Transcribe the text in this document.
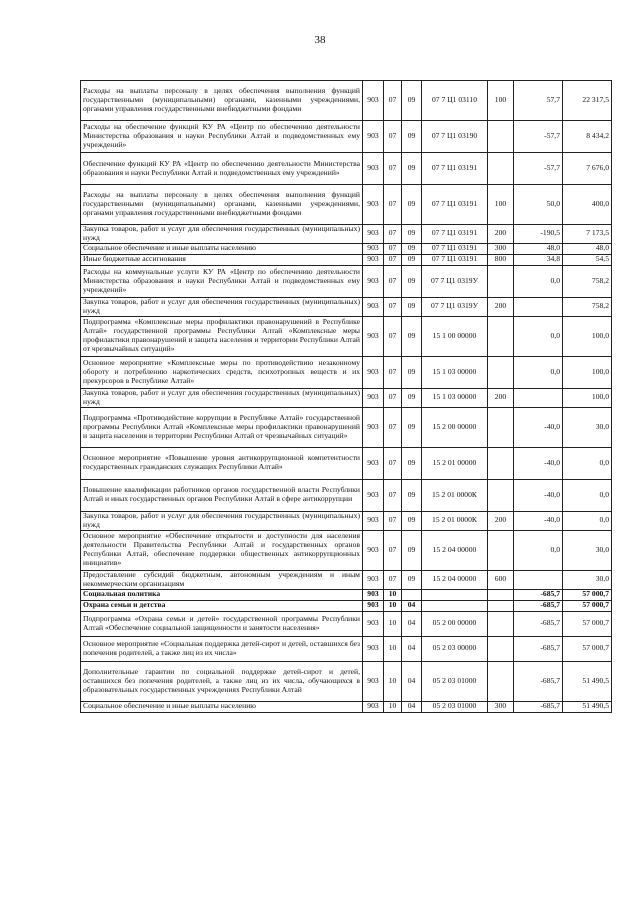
38
Расходы на выплаты персоналу в целях обеспечения выполнения функций государственными (муниципальными) органами, казенными учреждениями, органами управления государственными внебюджетными фондами	903	07	09	07 7 Ц1 03110	100	57,7	22 317,5
Расходы на обеспечение функций КУ РА «Центр по обеспечению деятельности Министерства образования и науки Республики Алтай и подведомственных ему учреждений»	903	07	09	07 7 Ц1 03190		-57,7	8 434,2
Обеспечение функций КУ РА «Центр по обеспечению деятельности Министерства образования и науки Республики Алтай и подведомственных ему учреждений»	903	07	09	07 7 Ц1 03191		-57,7	7 676,0
Расходы на выплаты персоналу в целях обеспечения выполнения функций государственными (муниципальными) органами, казенными учреждениями, органами управления государственными внебюджетными фондами	903	07	09	07 7 Ц1 03191	100	50,0	400,0
Закупка товаров, работ и услуг для обеспечения государственных (муниципальных) нужд	903	07	09	07 7 Ц1 03191	200	-190,5	7 173,5
Социальное обеспечение и иные выплаты населению	903	07	09	07 7 Ц1 03191	300	48,0	48,0
Иные бюджетные ассигнования	903	07	09	07 7 Ц1 03191	800	34,8	54,5
Расходы на коммунальные услуги КУ РА «Центр по обеспечению деятельности Министерства образования и науки Республики Алтай и подведомственных ему учреждений»	903	07	09	07 7 Ц1 0319У		0,0	758,2
Закупка товаров, работ и услуг для обеспечения государственных (муниципальных) нужд	903	07	09	07 7 Ц1 0319У	200		758,2
Подпрограмма «Комплексные меры профилактики правонарушений в Республике Алтай» государственной программы Республики Алтай «Комплексные меры профилактики правонарушений и защита населения и территории Республики Алтай от чрезвычайных ситуаций»	903	07	09	15 1 00 00000		0,0	100,0
Основное мероприятие «Комплексные меры по противодействию незаконному обороту и потреблению наркотических средств, психотропных веществ и их прекурсоров в Республике Алтай»	903	07	09	15 1 03 00000		0,0	100,0
Закупка товаров, работ и услуг для обеспечения государственных (муниципальных) нужд	903	07	09	15 1 03 00000	200		100,0
Подпрограмма «Противодействие коррупции в Республике Алтай» государственной программы Республики Алтай «Комплексные меры профилактики правонарушений и защита населения и территории Республики Алтай от чрезвычайных ситуаций»	903	07	09	15 2 00 00000		-40,0	30,0
Основное мероприятие «Повышение уровня антикоррупционной компетентности государственных гражданских служащих Республики Алтай»	903	07	09	15 2 01 00000		-40,0	0,0
Повышение квалификации работников органов государственной власти Республики Алтай и иных государственных органов Республики Алтай в сфере антикоррупции	903	07	09	15 2 01 0000К		-40,0	0,0
Закупка товаров, работ и услуг для обеспечения государственных (муниципальных) нужд	903	07	09	15 2 01 0000К	200	-40,0	0,0
Основное мероприятие «Обеспечение открытости и доступности для населения деятельности Правительства Республики Алтай и государственных органов Республики Алтай, обеспечение поддержки общественных антикоррупционных инициатив»	903	07	09	15 2 04 00000		0,0	30,0
Предоставление субсидий бюджетным, автономным учреждениям и иным некоммерческим организациям	903	07	09	15 2 04 00000	600		30,0
Социальная политика	903	10				-685,7	57 000,7
Охрана семьи и детства	903	10	04			-685,7	57 000,7
Подпрограмма «Охрана семьи и детей» государственной программы Республики Алтай «Обеспечение социальной защищенности и занятости населения»	903	10	04	05 2 00 00000		-685,7	57 000,7
Основное мероприятие «Социальная поддержка детей-сирот и детей, оставшихся без попечения родителей, а также лиц из их числа»	903	10	04	05 2 03 00000		-685,7	57 000,7
Дополнительные гарантии по социальной поддержке детей-сирот и детей, оставшихся без попечения родителей, а также лиц из их числа, обучающихся в образовательных государственных учреждениях Республики Алтай	903	10	04	05 2 03 01000		-685,7	51 490,5
Социальное обеспечение и иные выплаты населению	903	10	04	05 2 03 01000	300	-685,7	51 490,5
